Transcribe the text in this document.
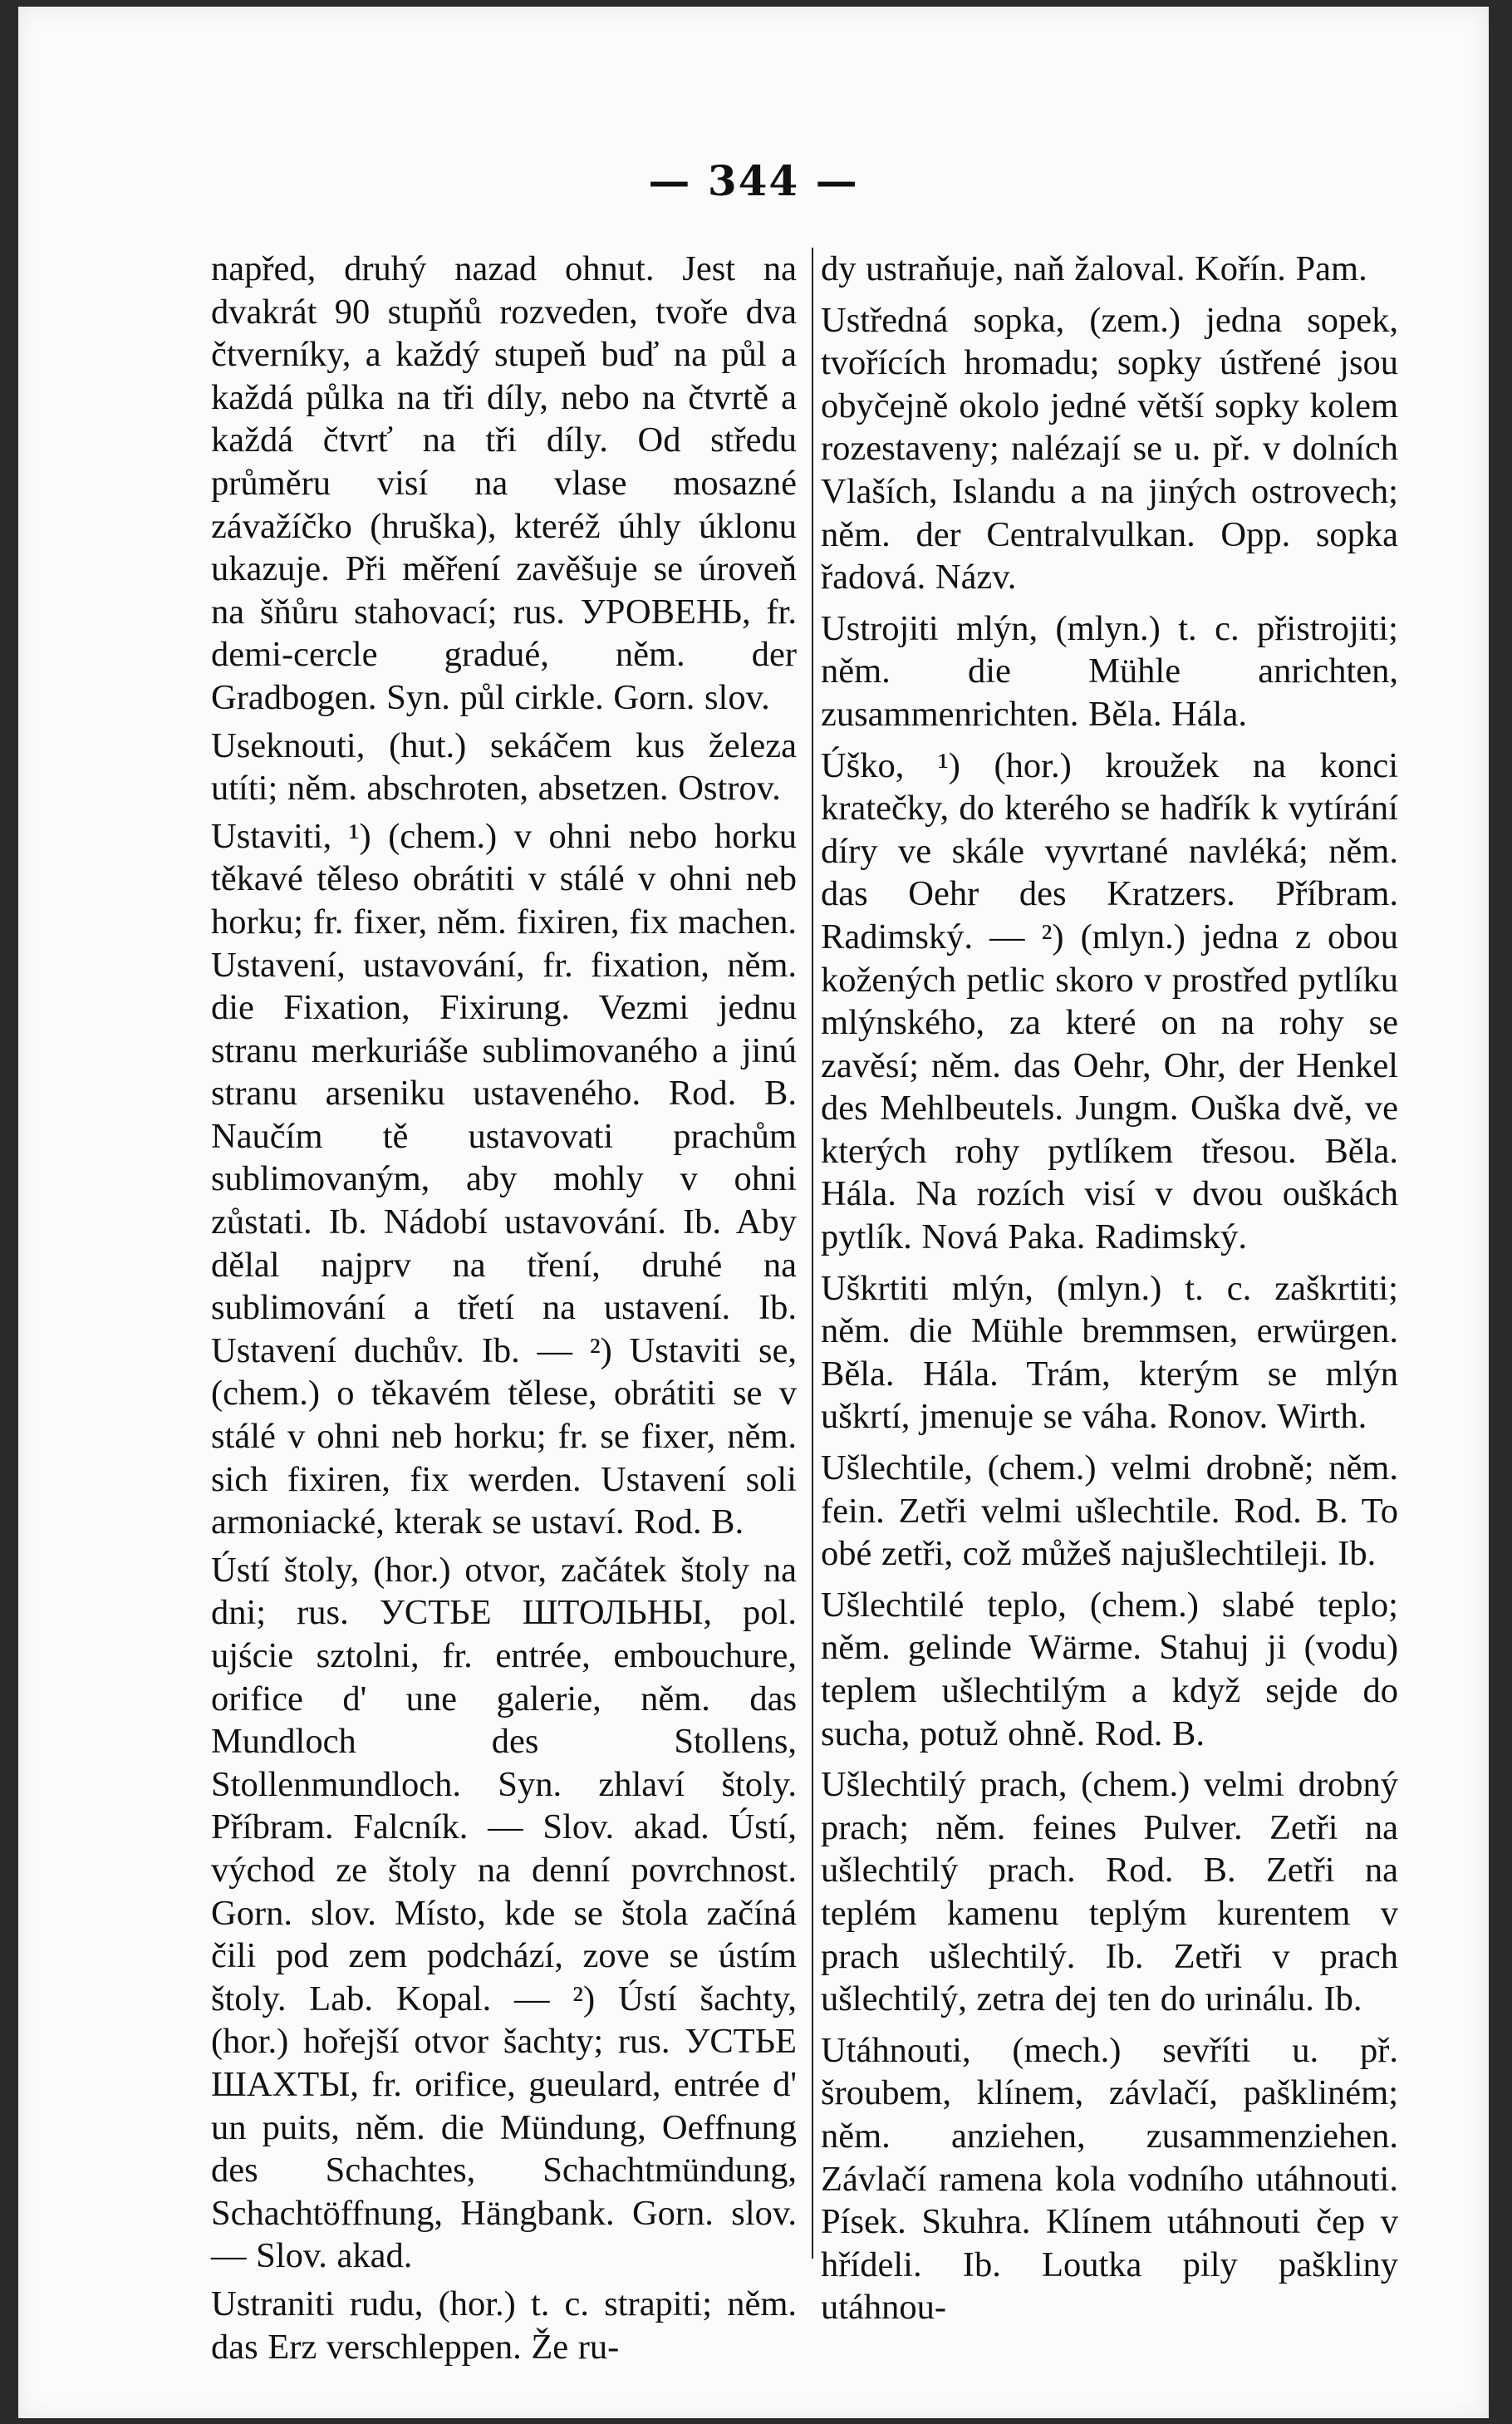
— 344 —

napřed, druhý nazad ohnut. Jest na dvakrát 90 stupňů rozveden, tvoře dva čtverníky, a každý stupeň buď na půl a každá půlka na tři díly, nebo na čtvrtě a každá čtvrť na tři díly. Od středu průměru visí na vlase mosazné závažíčko (hruška), kteréž úhly úklonu ukazuje. Při měření zavěšuje se úroveň na šňůru stahovací; rus. УРОВЕНЬ, fr. demi-cercle gradué, něm. der Gradbogen. Syn. půl cirkle. Gorn. slov.

Useknouti, (hut.) sekáčem kus železa utíti; něm. abschroten, absetzen. Ostrov.

Ustaviti, ¹) (chem.) v ohni nebo horku těkavé těleso obrátiti v stálé v ohni neb horku; fr. fixer, něm. fixiren, fix machen. Ustavení, ustavování, fr. fixation, něm. die Fixation, Fixirung. Vezmi jednu stranu merkuriáše sublimovaného a jinú stranu arseniku ustaveného. Rod. B. Naučím tě ustavovati prachům sublimovaným, aby mohly v ohni zůstati. Ib. Nádobí ustavování. Ib. Aby dělal najprv na tření, druhé na sublimování a třetí na ustavení. Ib. Ustavení duchův. Ib. — ²) Ustaviti se, (chem.) o těkavém tělese, obrátiti se v stálé v ohni neb horku; fr. se fixer, něm. sich fixiren, fix werden. Ustavení soli armoniacké, kterak se ustaví. Rod. B.

Ústí štoly, (hor.) otvor, začátek štoly na dni; rus. УСТЬЕ ШТОЛЬНЫ, pol. ujście sztolni, fr. entrée, embouchure, orifice d' une galerie, něm. das Mundloch des Stollens, Stollenmundloch. Syn. zhlaví štoly. Příbram. Falcník. — Slov. akad. Ústí, východ ze štoly na denní povrchnost. Gorn. slov. Místo, kde se štola začíná čili pod zem podchází, zove se ústím štoly. Lab. Kopal. — ²) Ústí šachty, (hor.) hořejší otvor šachty; rus. УСТЬЕ ШАХТЫ, fr. orifice, gueulard, entrée d' un puits, něm. die Mündung, Oeffnung des Schachtes, Schachtmündung, Schachtöffnung, Hängbank. Gorn. slov. — Slov. akad.

Ustraniti rudu, (hor.) t. c. strapiti; něm. das Erz verschleppen. Že ru-

dy ustraňuje, naň žaloval. Kořín. Pam.

Ustředná sopka, (zem.) jedna sopek, tvořících hromadu; sopky ústřené jsou obyčejně okolo jedné větší sopky kolem rozestaveny; nalézají se u. př. v dolních Vlaších, Islandu a na jiných ostrovech; něm. der Centralvulkan. Opp. sopka řadová. Názv.

Ustrojiti mlýn, (mlyn.) t. c. přistrojiti; něm. die Mühle anrichten, zusammenrichten. Běla. Hála.

Úško, ¹) (hor.) kroužek na konci kratečky, do kterého se hadřík k vytírání díry ve skále vyvrtané navléká; něm. das Oehr des Kratzers. Příbram. Radimský. — ²) (mlyn.) jedna z obou kožených petlic skoro v prostřed pytlíku mlýnského, za které on na rohy se zavěsí; něm. das Oehr, Ohr, der Henkel des Mehlbeutels. Jungm. Ouška dvě, ve kterých rohy pytlíkem třesou. Běla. Hála. Na rozích visí v dvou ouškách pytlík. Nová Paka. Radimský.

Uškrtiti mlýn, (mlyn.) t. c. zaškrtiti; něm. die Mühle bremmsen, erwürgen. Běla. Hála. Trám, kterým se mlýn uškrtí, jmenuje se váha. Ronov. Wirth.

Ušlechtile, (chem.) velmi drobně; něm. fein. Zetři velmi ušlechtile. Rod. B. To obé zetři, což můžeš najušlechtileji. Ib.

Ušlechtilé teplo, (chem.) slabé teplo; něm. gelinde Wärme. Stahuj ji (vodu) teplem ušlechtilým a když sejde do sucha, potuž ohně. Rod. B.

Ušlechtilý prach, (chem.) velmi drobný prach; něm. feines Pulver. Zetři na ušlechtilý prach. Rod. B. Zetři na teplém kamenu teplým kurentem v prach ušlechtilý. Ib. Zetři v prach ušlechtilý, zetra dej ten do urinálu. Ib.

Utáhnouti, (mech.) sevříti u. př. šroubem, klínem, závlačí, paškliném; něm. anziehen, zusammenziehen. Závlačí ramena kola vodního utáhnouti. Písek. Skuhra. Klínem utáhnouti čep v hřídeli. Ib. Loutka pily paškliny utáhnou-
